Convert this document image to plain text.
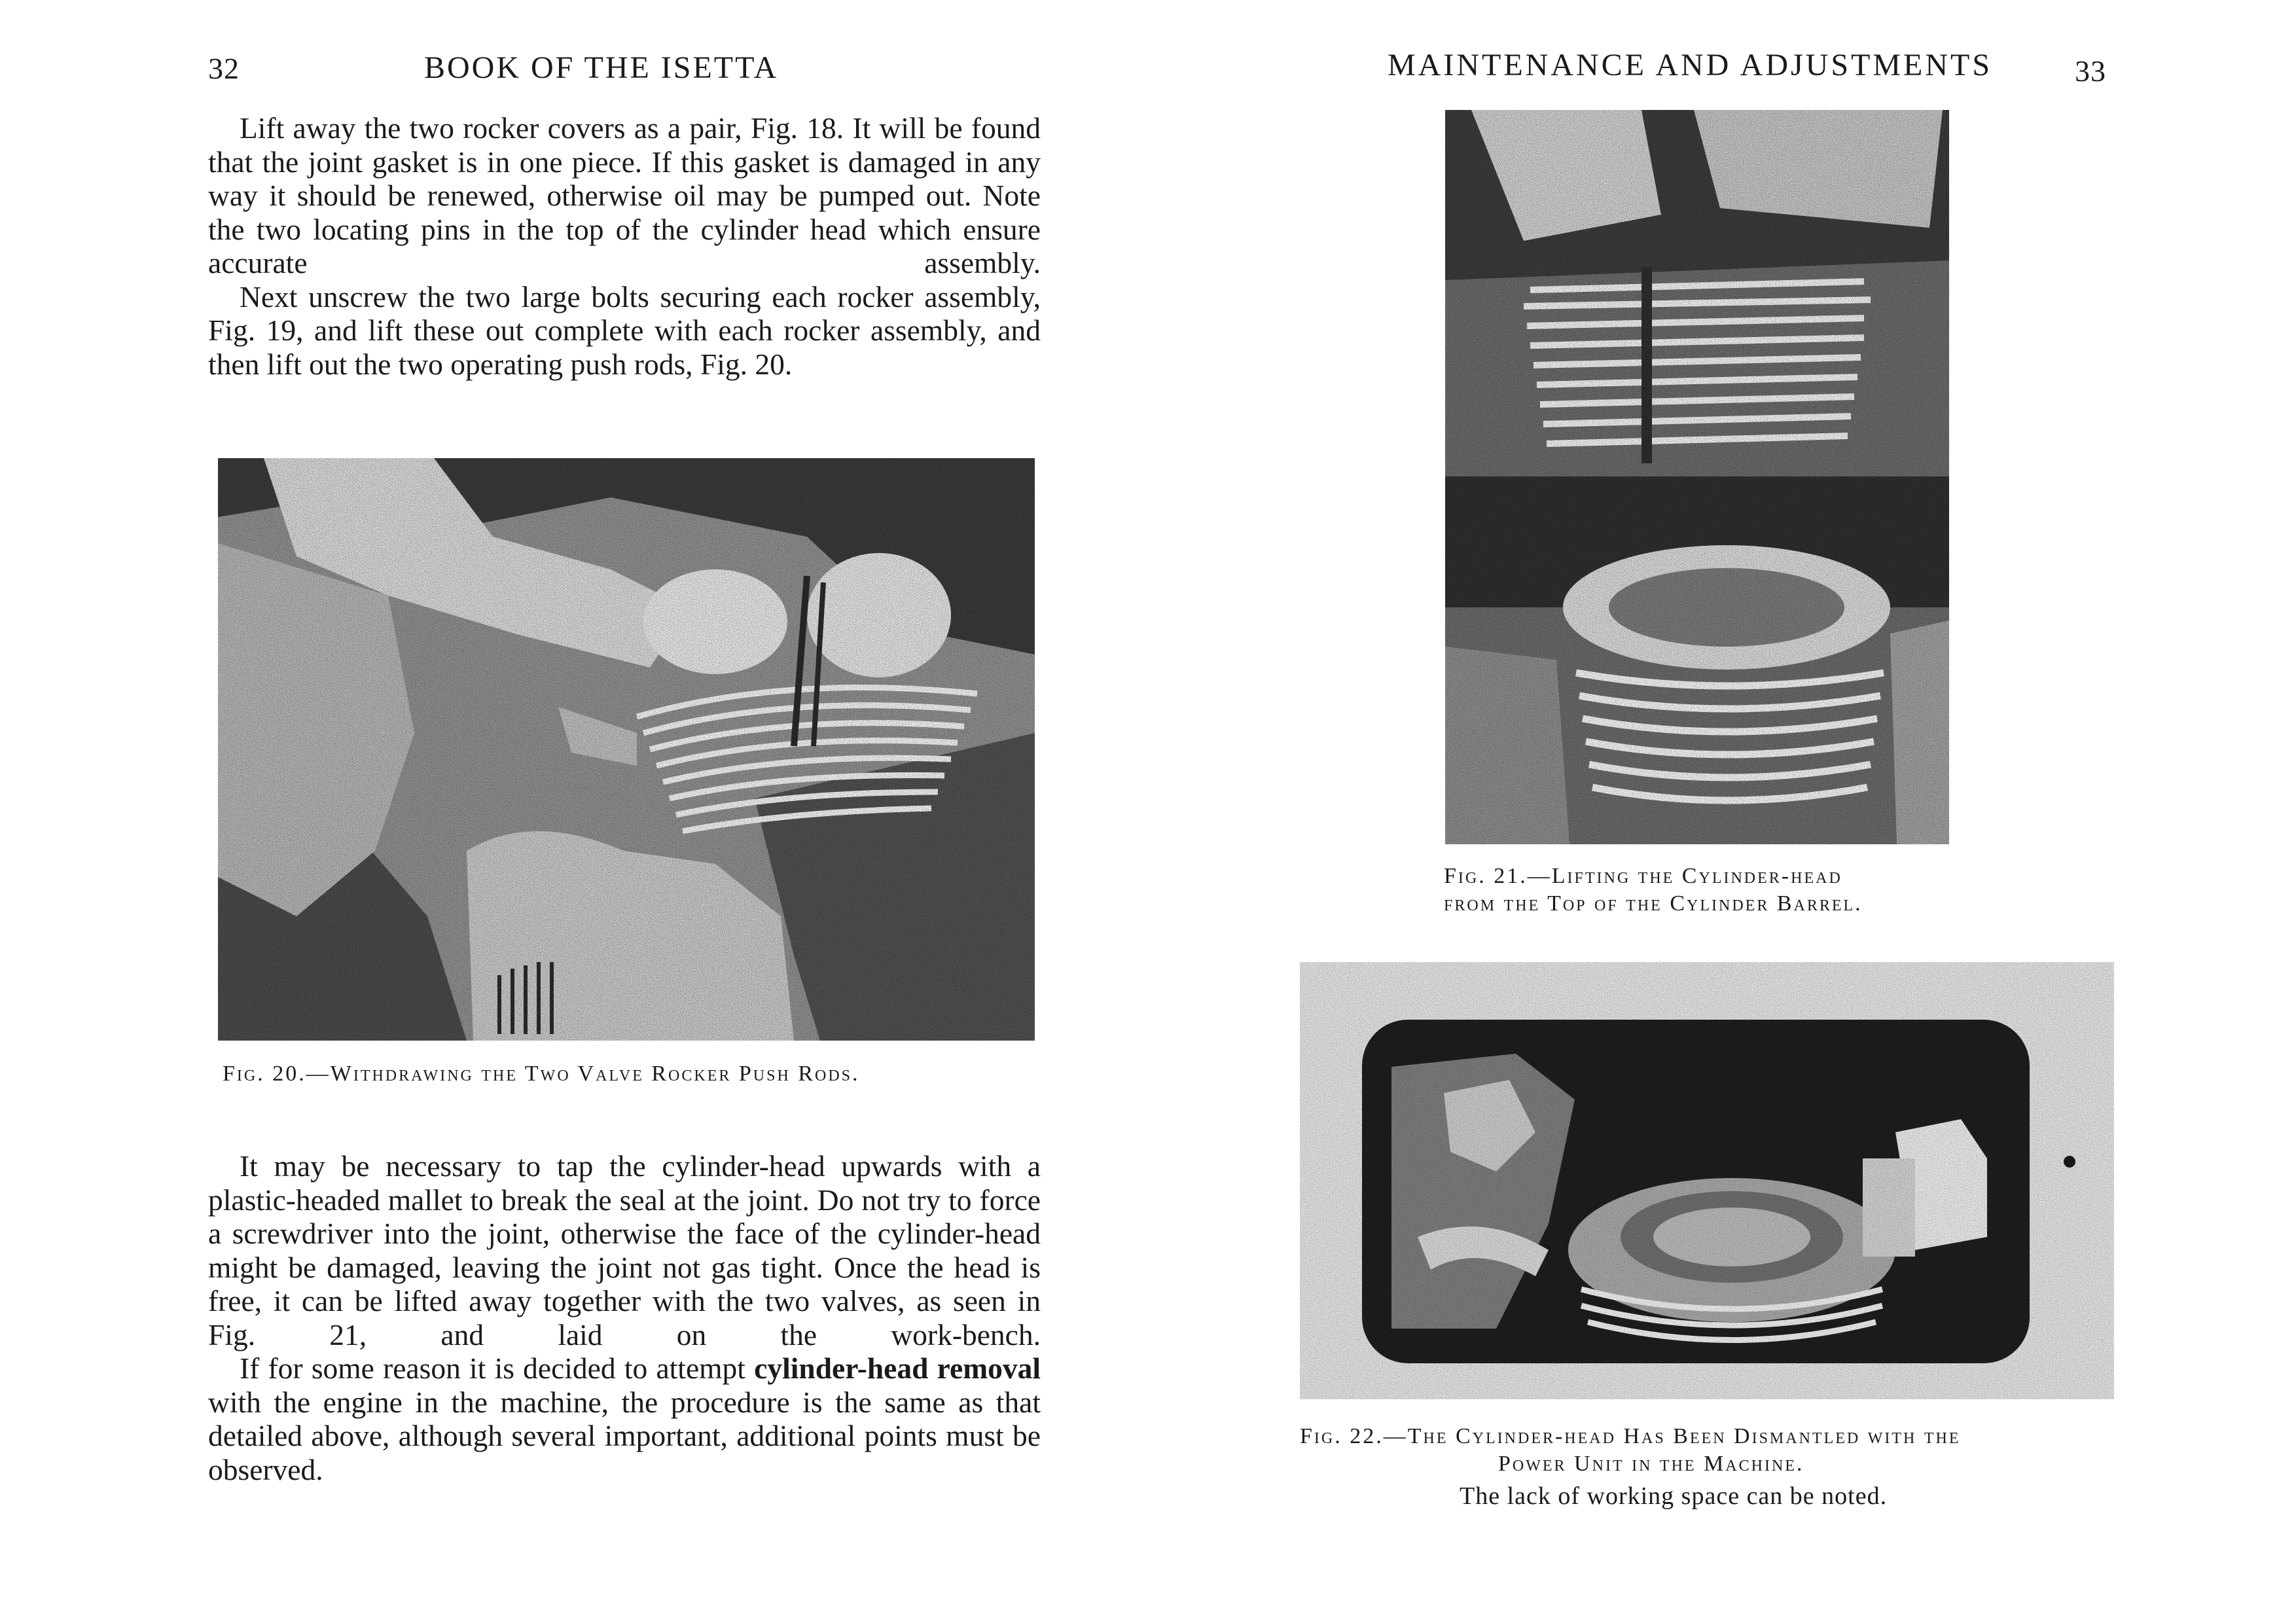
32	BOOK OF THE ISETTA

Lift away the two rocker covers as a pair, Fig. 18. It will be found that the joint gasket is in one piece. If this gasket is damaged in any way it should be renewed, otherwise oil may be pumped out. Note the two locating pins in the top of the cylinder head which ensure accurate assembly.

Next unscrew the two large bolts securing each rocker assembly, Fig. 19, and lift these out complete with each rocker assembly, and then lift out the two operating push rods, Fig. 20.

Fig. 20.—Withdrawing the Two Valve Rocker Push Rods.

It may be necessary to tap the cylinder-head upwards with a plastic-headed mallet to break the seal at the joint. Do not try to force a screwdriver into the joint, otherwise the face of the cylinder-head might be damaged, leaving the joint not gas tight. Once the head is free, it can be lifted away together with the two valves, as seen in Fig. 21, and laid on the work-bench.

If for some reason it is decided to attempt cylinder-head removal with the engine in the machine, the procedure is the same as that detailed above, although several important, additional points must be observed.

MAINTENANCE AND ADJUSTMENTS	33
Fig. 21.—Lifting the Cylinder-head
from the Top of the Cylinder Barrel.
Fig. 22.—The Cylinder-head Has Been Dismantled with the
Power Unit in the Machine.
The lack of working space can be noted.
